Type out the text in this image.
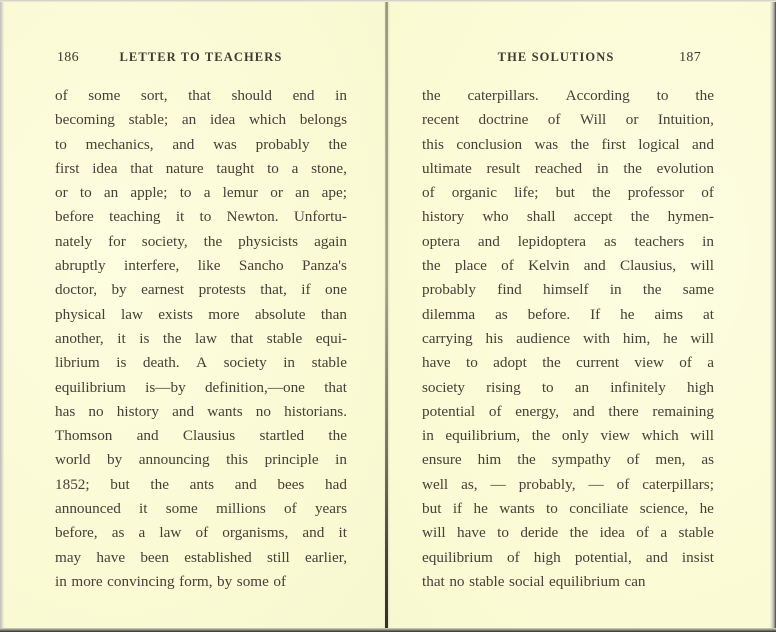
186	LETTER TO TEACHERS
of some sort, that should end in
becoming stable; an idea which belongs
to mechanics, and was probably the
first idea that nature taught to a stone,
or to an apple; to a lemur or an ape;
before teaching it to Newton. Unfortu-
nately for society, the physicists again
abruptly interfere, like Sancho Panza's
doctor, by earnest protests that, if one
physical law exists more absolute than
another, it is the law that stable equi-
librium is death. A society in stable
equilibrium is—by definition,—one that
has no history and wants no historians.
Thomson and Clausius startled the
world by announcing this principle in
1852; but the ants and bees had
announced it some millions of years
before, as a law of organisms, and it
may have been established still earlier,
in more convincing form, by some of
THE SOLUTIONS	187
the caterpillars. According to the
recent doctrine of Will or Intuition,
this conclusion was the first logical and
ultimate result reached in the evolution
of organic life; but the professor of
history who shall accept the hymen-
optera and lepidoptera as teachers in
the place of Kelvin and Clausius, will
probably find himself in the same
dilemma as before. If he aims at
carrying his audience with him, he will
have to adopt the current view of a
society rising to an infinitely high
potential of energy, and there remaining
in equilibrium, the only view which will
ensure him the sympathy of men, as
well as, — probably, — of caterpillars;
but if he wants to conciliate science, he
will have to deride the idea of a stable
equilibrium of high potential, and insist
that no stable social equilibrium can
